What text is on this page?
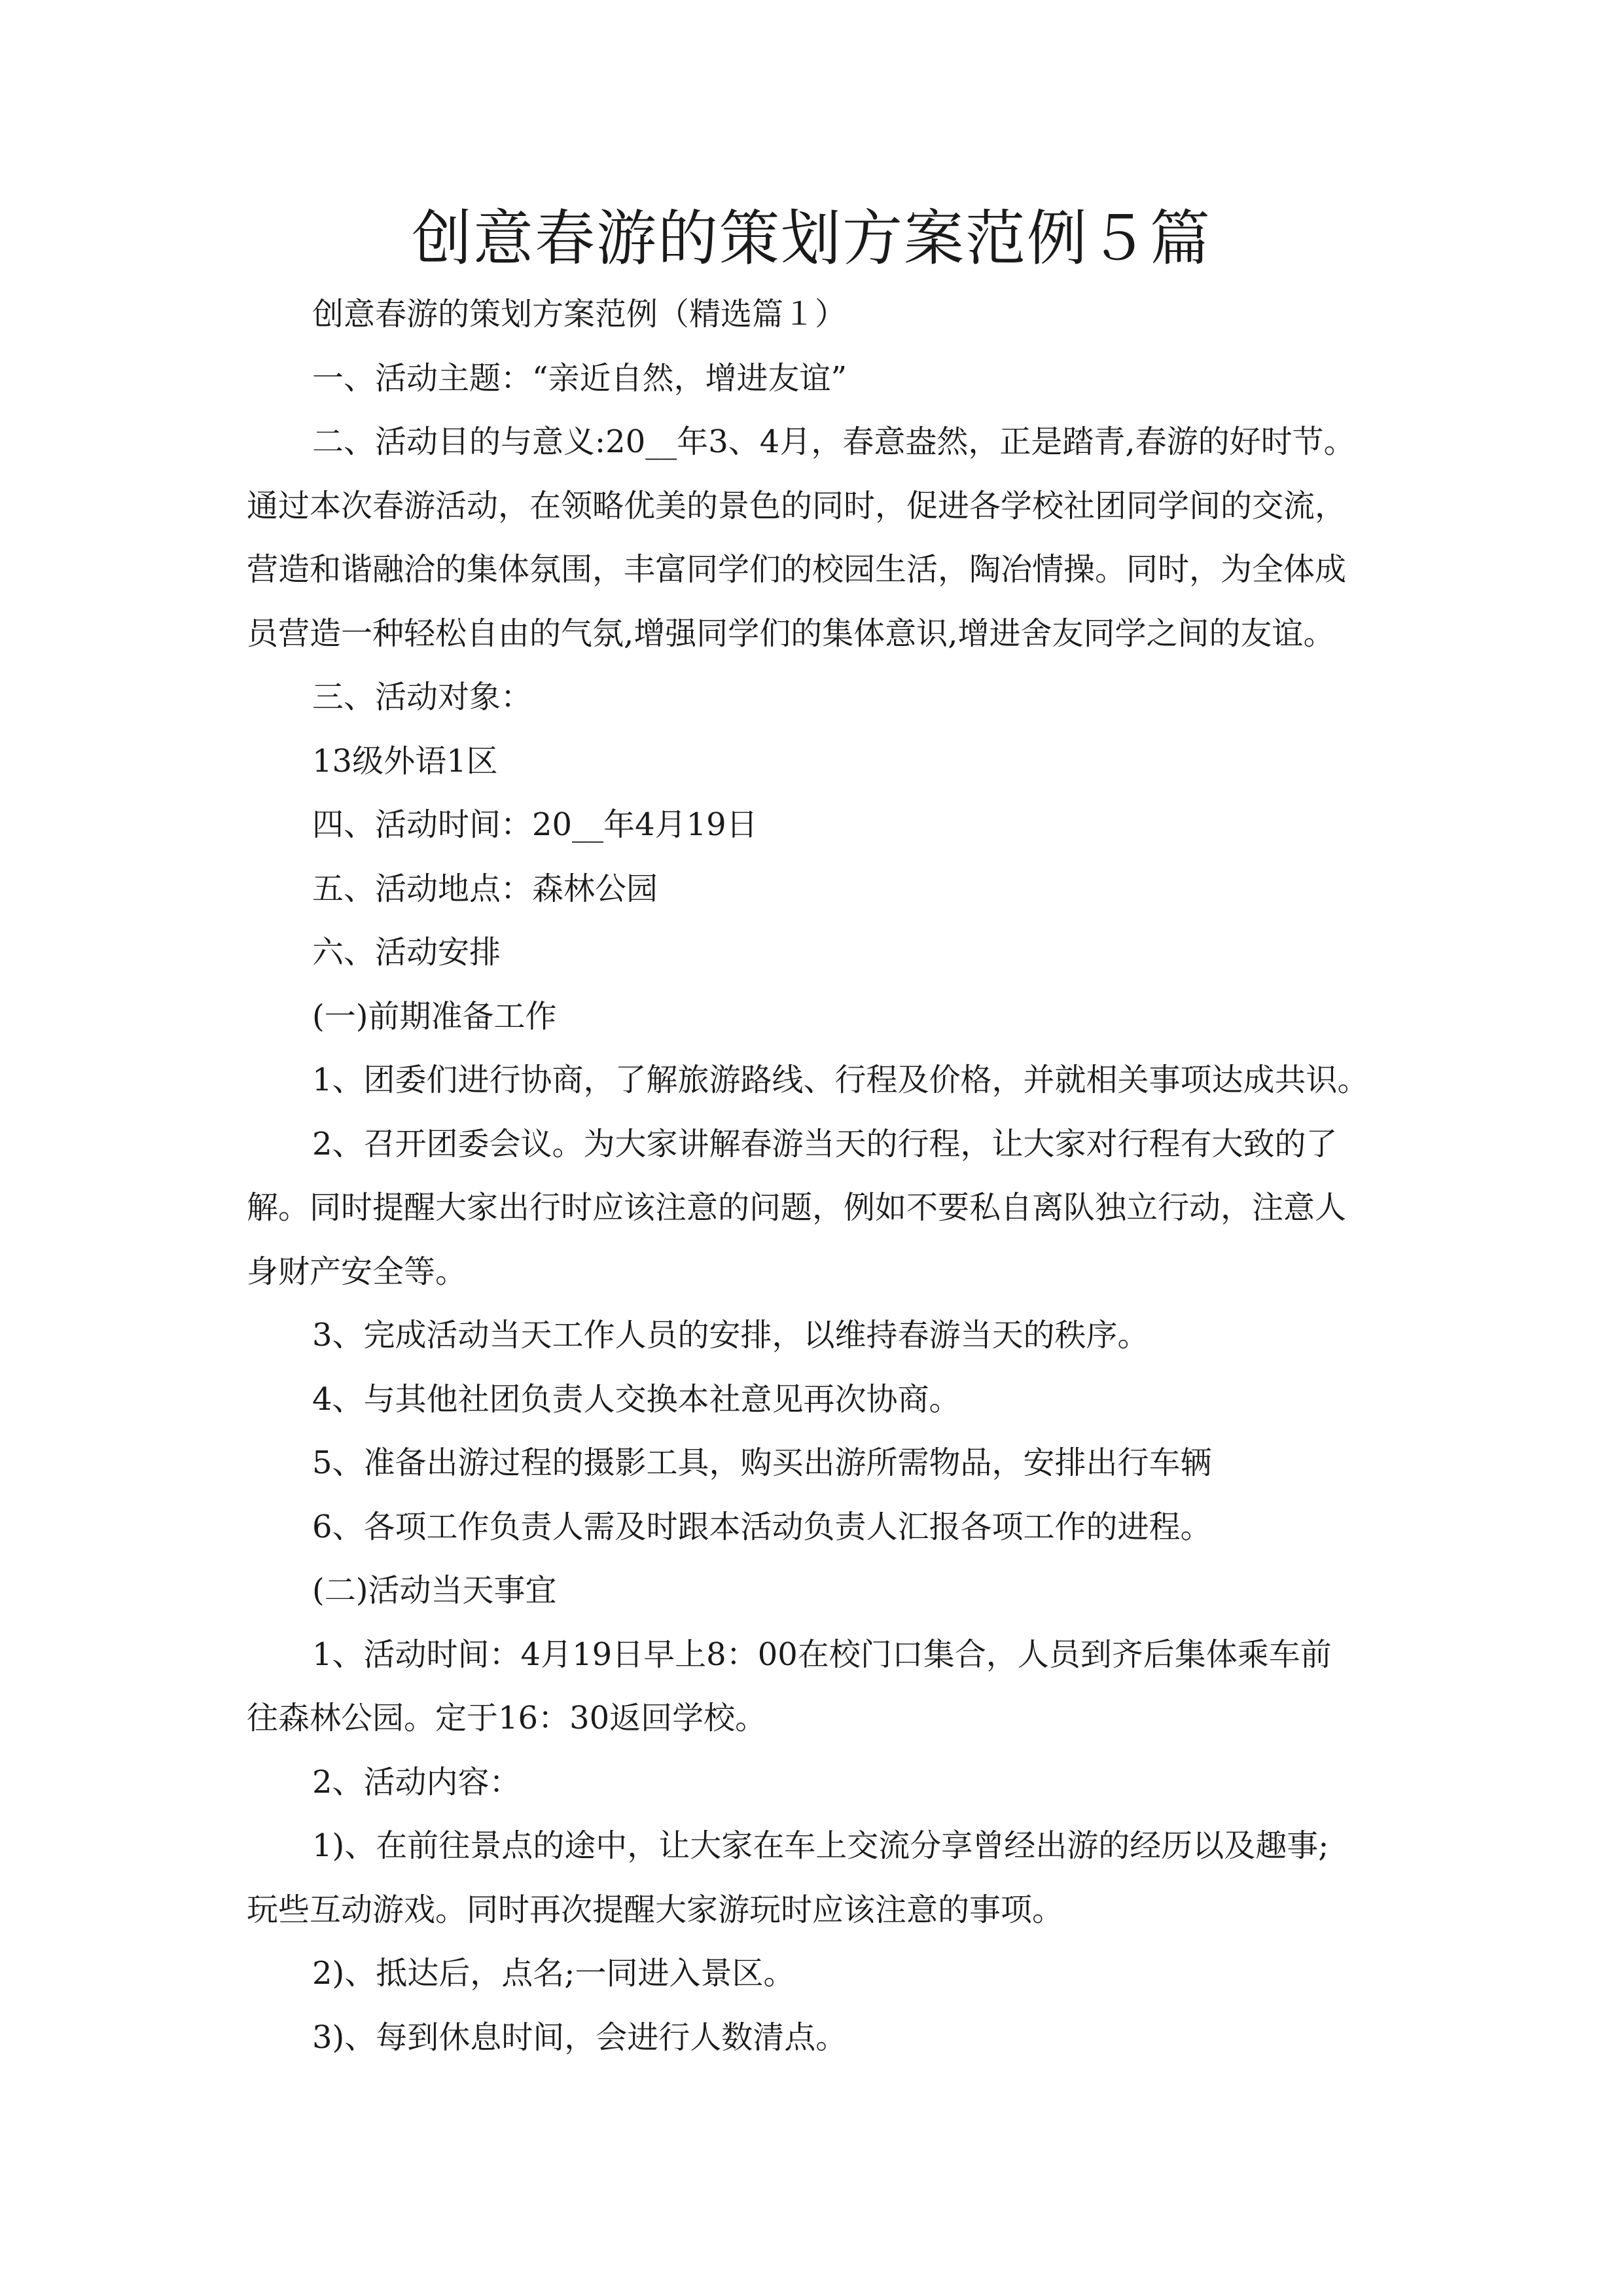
创意春游的策划方案范例５篇

创意春游的策划方案范例（精选篇１）

一、活动主题：“亲近自然，增进友谊”

二、活动目的与意义:20__年3、4月，春意盎然，正是踏青,春游的好时节。

通过本次春游活动，在领略优美的景色的同时，促进各学校社团同学间的交流，

营造和谐融洽的集体氛围，丰富同学们的校园生活，陶冶情操。同时，为全体成

员营造一种轻松自由的气氛,增强同学们的集体意识,增进舍友同学之间的友谊。

三、活动对象：

13级外语1区

四、活动时间：20__年4月19日

五、活动地点：森林公园

六、活动安排

(一)前期准备工作

1、团委们进行协商，了解旅游路线、行程及价格，并就相关事项达成共识。

2、召开团委会议。为大家讲解春游当天的行程，让大家对行程有大致的了

解。同时提醒大家出行时应该注意的问题，例如不要私自离队独立行动，注意人

身财产安全等。

3、完成活动当天工作人员的安排，以维持春游当天的秩序。

4、与其他社团负责人交换本社意见再次协商。

5、准备出游过程的摄影工具，购买出游所需物品，安排出行车辆

6、各项工作负责人需及时跟本活动负责人汇报各项工作的进程。

(二)活动当天事宜

1、活动时间：4月19日早上8：00在校门口集合，人员到齐后集体乘车前

往森林公园。定于16：30返回学校。

2、活动内容：

1)、在前往景点的途中，让大家在车上交流分享曾经出游的经历以及趣事;

玩些互动游戏。同时再次提醒大家游玩时应该注意的事项。

2)、抵达后，点名;一同进入景区。

3)、每到休息时间，会进行人数清点。
